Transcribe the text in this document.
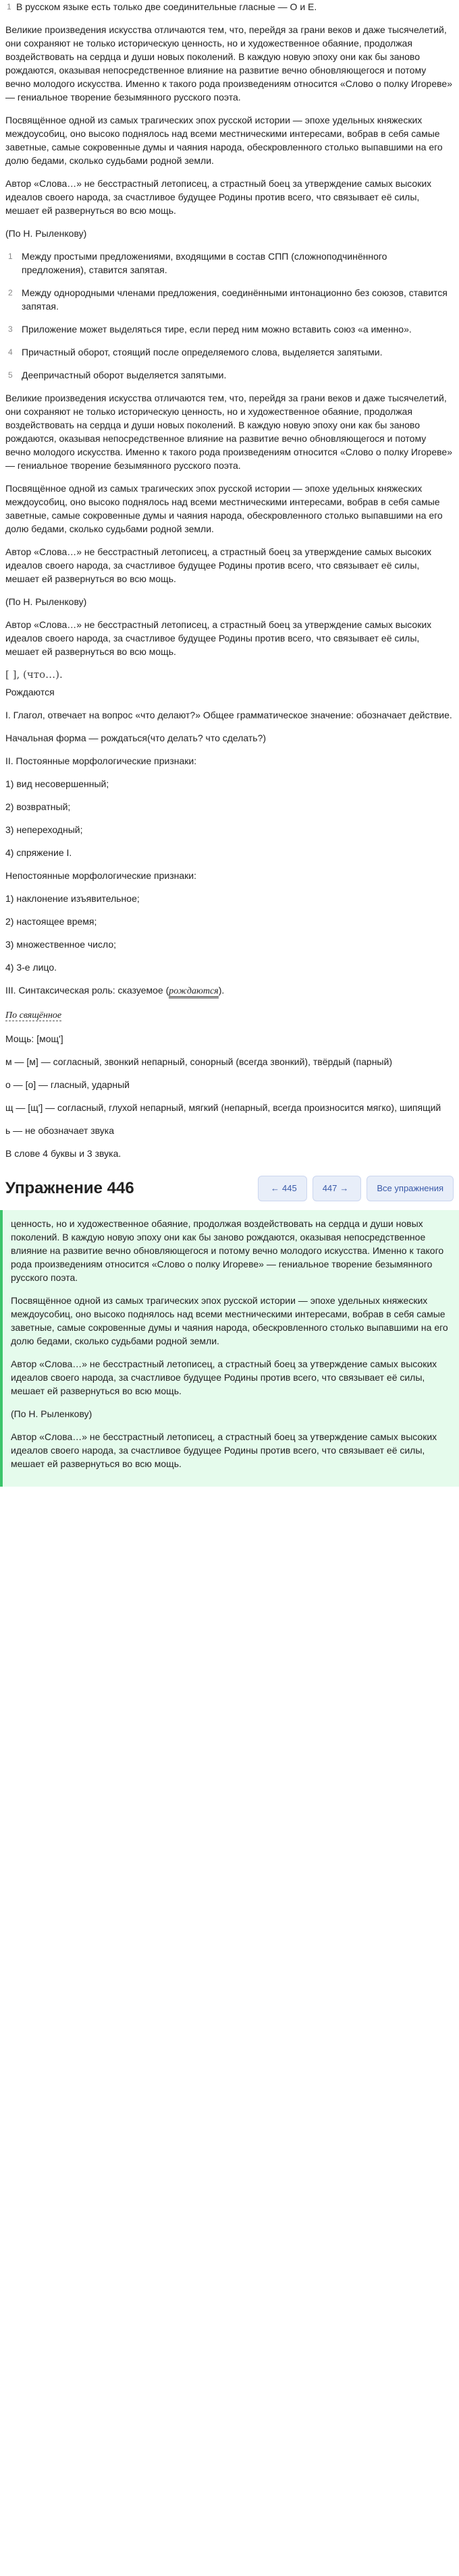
1 В русском языке есть только две соединительные гласные — О и Е.

Великие произведения искусства отличаются тем, что, перейдя за грани веков и даже тысячелетий, они сохраняют не только историческую ценность, но и художественное обаяние, продолжая воздействовать на сердца и души новых поколений. В каждую новую эпоху они как бы заново рождаются, оказывая непосредственное влияние на развитие вечно обновляющегося и потому вечно молодого искусства. Именно к такого рода произведениям относится «Слово о полку Игореве» — гениальное творение безымянного русского поэта.

Посвящённое одной из самых трагических эпох русской истории — эпохе удельных княжеских междоусобиц, оно высоко поднялось над всеми местническими интересами, вобрав в себя самые заветные, самые сокровенные думы и чаяния народа, обескровленного столько выпавшими на его долю бедами, сколько судьбами родной земли.

Автор «Слова…» не бесстрастный летописец, а страстный боец за утверждение самых высоких идеалов своего народа, за счастливое будущее Родины против всего, что связывает её силы, мешает ей развернуться во всю мощь.

(По Н. Рыленкову)

1 Между простыми предложениями, входящими в состав СПП (сложноподчинённого предложения), ставится запятая.
2 Между однородными членами предложения, соединёнными интонационно без союзов, ставится запятая.
3 Приложение может выделяться тире, если перед ним можно вставить союз «а именно».
4 Причастный оборот, стоящий после определяемого слова, выделяется запятыми.
5 Деепричастный оборот выделяется запятыми.

Великие произведения искусства отличаются тем, что, перейдя за грани веков и даже тысячелетий, они сохраняют не только историческую ценность, но и художественное обаяние, продолжая воздействовать на сердца и души новых поколений. В каждую новую эпоху они как бы заново рождаются, оказывая непосредственное влияние на развитие вечно обновляющегося и потому вечно молодого искусства. Именно к такого рода произведениям относится «Слово о полку Игореве» — гениальное творение безымянного русского поэта.

Посвящённое одной из самых трагических эпох русской истории — эпохе удельных княжеских междоусобиц, оно высоко поднялось над всеми местническими интересами, вобрав в себя самые заветные, самые сокровенные думы и чаяния народа, обескровленного столько выпавшими на его долю бедами, сколько судьбами родной земли.

Автор «Слова…» не бесстрастный летописец, а страстный боец за утверждение самых высоких идеалов своего народа, за счастливое будущее Родины против всего, что связывает её силы, мешает ей развернуться во всю мощь.

(По Н. Рыленкову)

Автор «Слова…» не бесстрастный летописец, а страстный боец за утверждение самых высоких идеалов своего народа, за счастливое будущее Родины против всего, что связывает её силы, мешает ей развернуться во всю мощь.

[ ], (что…).

Рождаются

I. Глагол, отвечает на вопрос «что делают?» Общее грамматическое значение: обозначает действие.

Начальная форма — рождаться(что делать? что сделать?)

II. Постоянные морфологические признаки:

1) вид несовершенный;

2) возвратный;

3) непереходный;

4) спряжение I.

Непостоянные морфологические признаки:

1) наклонение изъявительное;

2) настоящее время;

3) множественное число;

4) 3-е лицо.

III. Синтаксическая роль: сказуемое (рождаются).

По свящённое

Мощь: [мощ']

м — [м] — согласный, звонкий непарный, сонорный (всегда звонкий), твёрдый (парный)

о — [о] — гласный, ударный

щ — [щ'] — согласный, глухой непарный, мягкий (непарный, всегда произносится мягко), шипящий

ь — не обозначает звука

В слове 4 буквы и 3 звука.

Упражнение 446	← 445	447 →	Все упражнения

ценность, но и художественное обаяние, продолжая воздействовать на сердца и души новых поколений. В каждую новую эпоху они как бы заново рождаются, оказывая непосредственное влияние на развитие вечно обновляющегося и потому вечно молодого искусства. Именно к такого рода произведениям относится «Слово о полку Игореве» — гениальное творение безымянного русского поэта.

Посвящённое одной из самых трагических эпох русской истории — эпохе удельных княжеских междоусобиц, оно высоко поднялось над всеми местническими интересами, вобрав в себя самые заветные, самые сокровенные думы и чаяния народа, обескровленного столько выпавшими на его долю бедами, сколько судьбами родной земли.

Автор «Слова…» не бесстрастный летописец, а страстный боец за утверждение самых высоких идеалов своего народа, за счастливое будущее Родины против всего, что связывает её силы, мешает ей развернуться во всю мощь.

(По Н. Рыленкову)

Автор «Слова…» не бесстрастный летописец, а страстный боец за утверждение самых высоких идеалов своего народа, за счастливое будущее Родины против всего, что связывает её силы, мешает ей развернуться во всю мощь.
